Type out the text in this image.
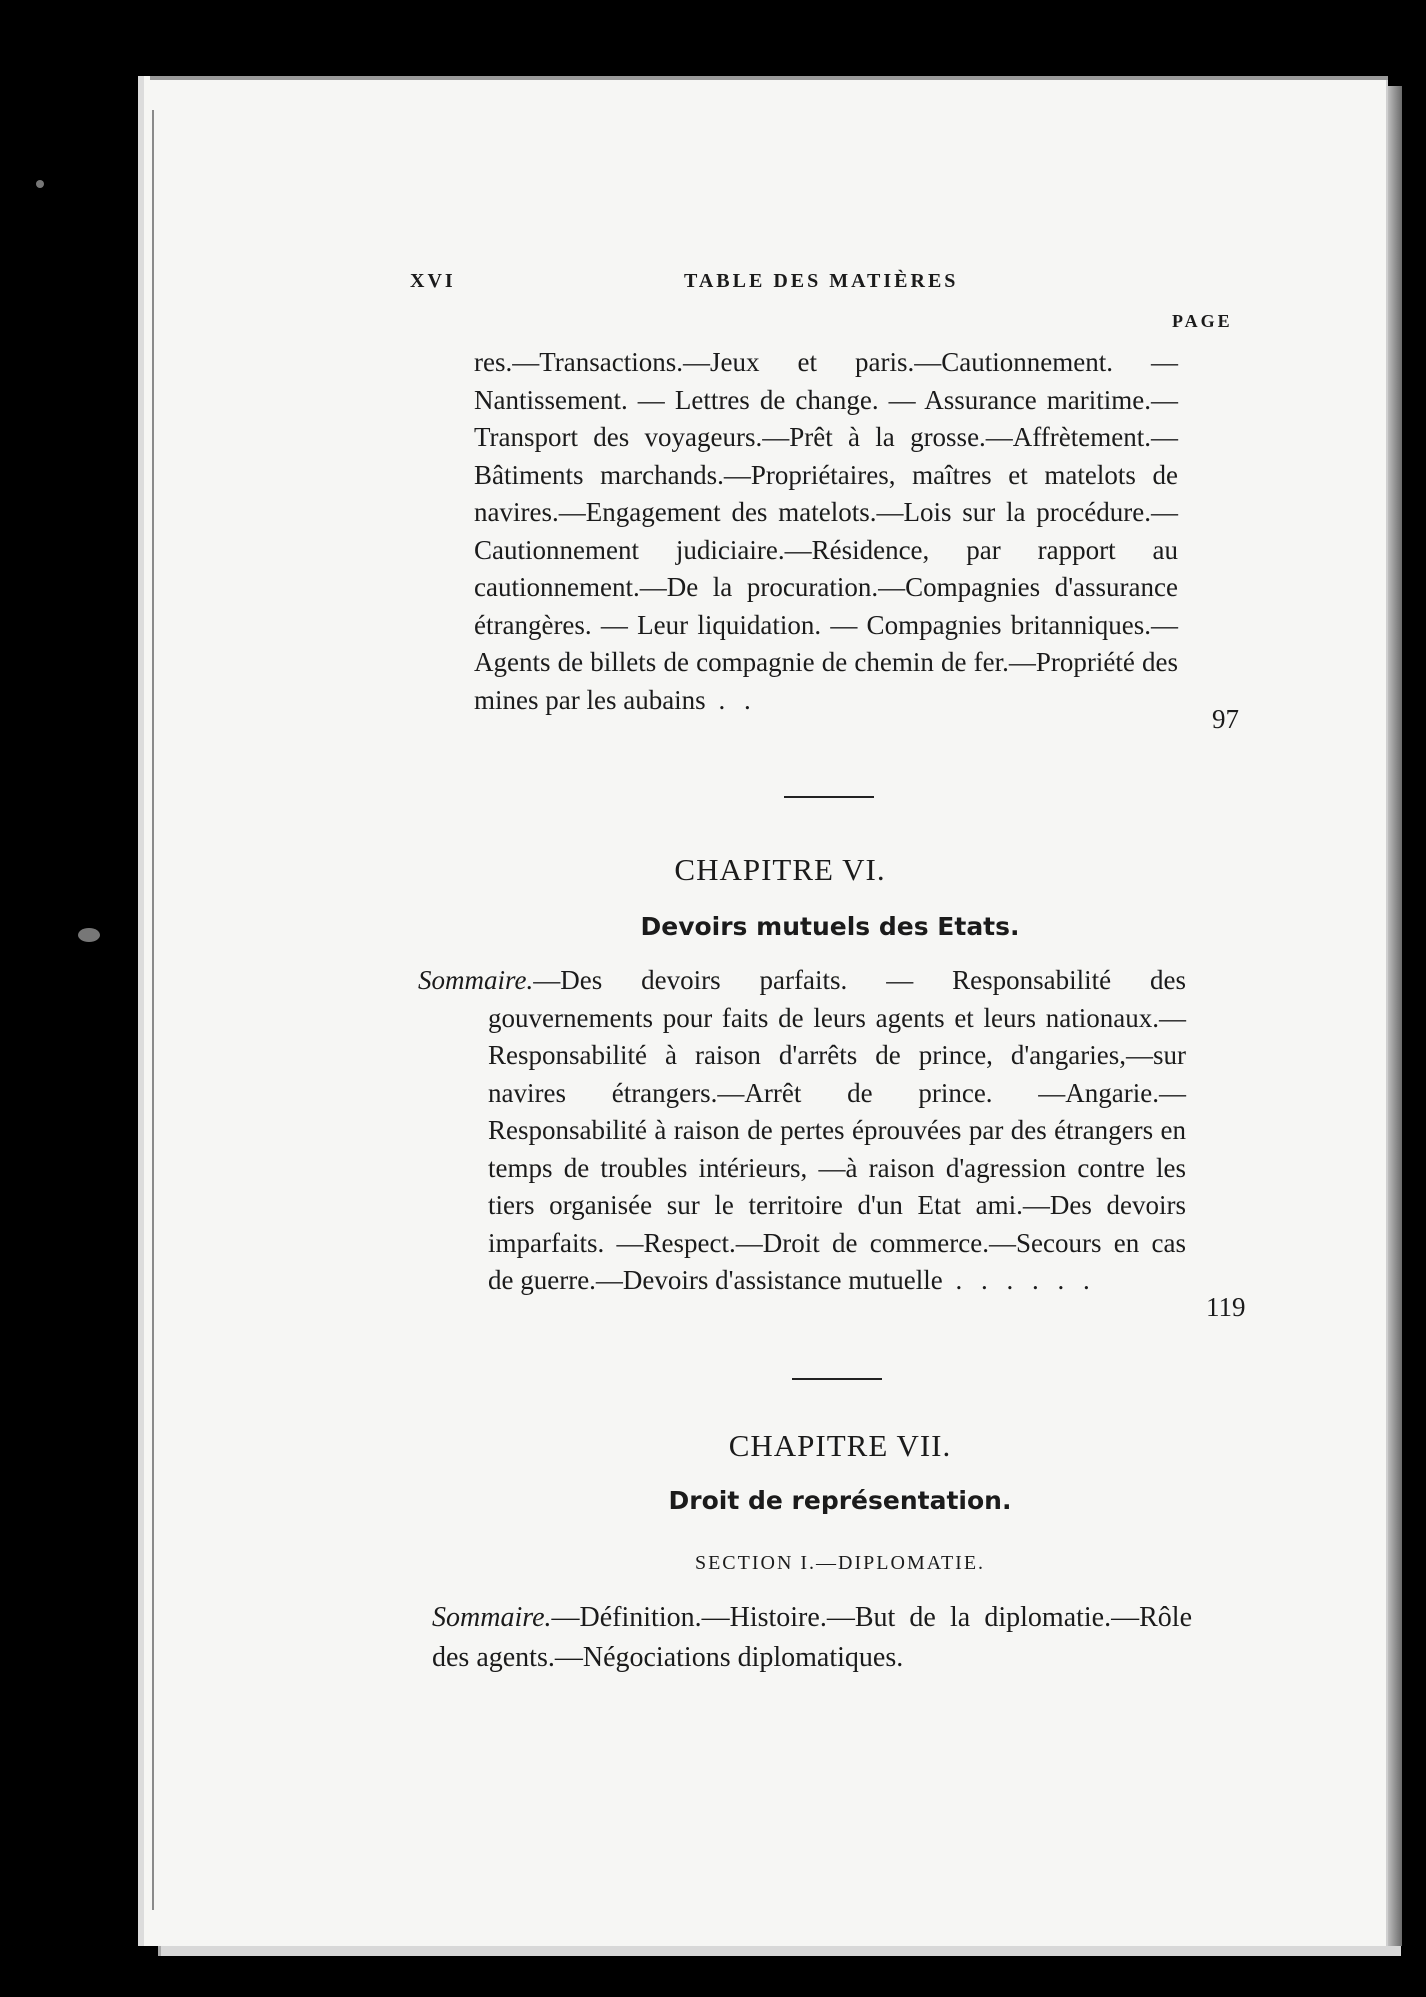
XVI	TABLE DES MATIÈRES
PAGE
res.—Transactions.—Jeux et paris.—Cautionnement. — Nantissement. — Lettres de change. — Assurance maritime.—Transport des voyageurs.—Prêt à la grosse.—Affrètement.—Bâtiments marchands.—Propriétaires, maîtres et matelots de navires.—Engagement des matelots.—Lois sur la procédure.—Cautionnement judiciaire.—Résidence, par rapport au cautionnement.—De la procuration.—Compagnies d'assurance étrangères. — Leur liquidation. — Compagnies britanniques.—Agents de billets de compagnie de chemin de fer.—Propriété des mines par les aubains . .
97
CHAPITRE VI.
Devoirs mutuels des Etats.
Sommaire.—Des devoirs parfaits. — Responsabilité des gouvernements pour faits de leurs agents et leurs nationaux.—Responsabilité à raison d'arrêts de prince, d'angaries,—sur navires étrangers.—Arrêt de prince. —Angarie.—Responsabilité à raison de pertes éprouvées par des étrangers en temps de troubles intérieurs, —à raison d'agression contre les tiers organisée sur le territoire d'un Etat ami.—Des devoirs imparfaits. —Respect.—Droit de commerce.—Secours en cas de guerre.—Devoirs d'assistance mutuelle . . . . . .
119
CHAPITRE VII.
Droit de représentation.
SECTION I.—DIPLOMATIE.
Sommaire.—Définition.—Histoire.—But de la diplomatie.—Rôle des agents.—Négociations diplomatiques.
